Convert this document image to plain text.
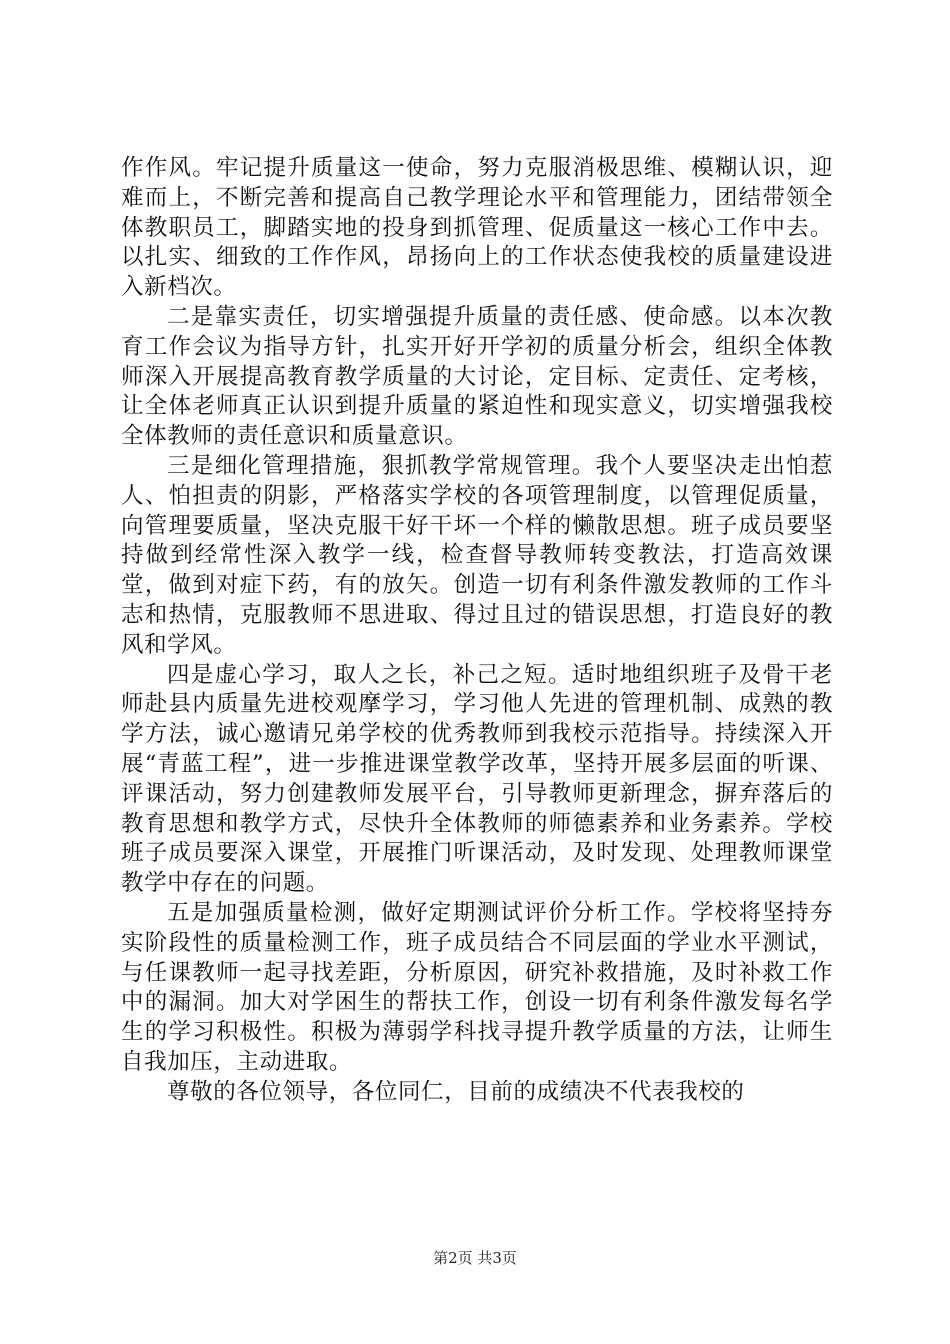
作作风。牢记提升质量这一使命，努力克服消极思维、模糊认识，迎难而上，不断完善和提高自己教学理论水平和管理能力，团结带领全体教职员工，脚踏实地的投身到抓管理、促质量这一核心工作中去。以扎实、细致的工作作风，昂扬向上的工作状态使我校的质量建设进入新档次。

二是靠实责任，切实增强提升质量的责任感、使命感。以本次教育工作会议为指导方针，扎实开好开学初的质量分析会，组织全体教师深入开展提高教育教学质量的大讨论，定目标、定责任、定考核，让全体老师真正认识到提升质量的紧迫性和现实意义，切实增强我校全体教师的责任意识和质量意识。

三是细化管理措施，狠抓教学常规管理。我个人要坚决走出怕惹人、怕担责的阴影，严格落实学校的各项管理制度，以管理促质量，向管理要质量，坚决克服干好干坏一个样的懒散思想。班子成员要坚持做到经常性深入教学一线，检查督导教师转变教法，打造高效课堂，做到对症下药，有的放矢。创造一切有利条件激发教师的工作斗志和热情，克服教师不思进取、得过且过的错误思想，打造良好的教风和学风。

四是虚心学习，取人之长，补己之短。适时地组织班子及骨干老师赴县内质量先进校观摩学习，学习他人先进的管理机制、成熟的教学方法，诚心邀请兄弟学校的优秀教师到我校示范指导。持续深入开展“青蓝工程”，进一步推进课堂教学改革，坚持开展多层面的听课、评课活动，努力创建教师发展平台，引导教师更新理念，摒弃落后的教育思想和教学方式，尽快升全体教师的师德素养和业务素养。学校班子成员要深入课堂，开展推门听课活动，及时发现、处理教师课堂教学中存在的问题。

五是加强质量检测，做好定期测试评价分析工作。学校将坚持夯实阶段性的质量检测工作，班子成员结合不同层面的学业水平测试，与任课教师一起寻找差距，分析原因，研究补救措施，及时补救工作中的漏洞。加大对学困生的帮扶工作，创设一切有利条件激发每名学生的学习积极性。积极为薄弱学科找寻提升教学质量的方法，让师生自我加压，主动进取。

尊敬的各位领导，各位同仁，目前的成绩决不代表我校的

第2页 共3页
